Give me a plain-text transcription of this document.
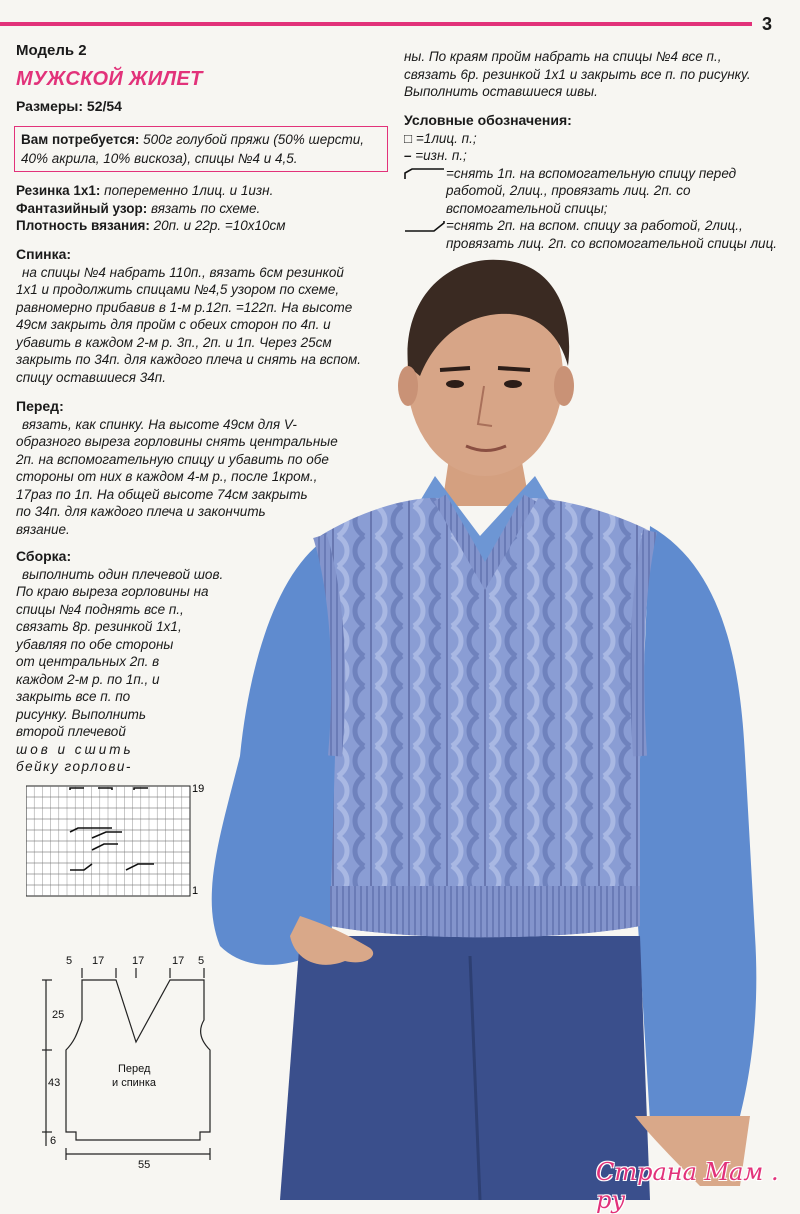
3
Модель 2
МУЖСКОЙ ЖИЛЕТ
Размеры: 52/54
Вам потребуется: 500г голубой пряжи (50% шерсти, 40% акрила, 10% вискоза), спицы №4 и 4,5.

Резинка 1х1: попеременно 1лиц. и 1изн.

Фантазийный узор: вязать по схеме.

Плотность вязания: 20п. и 22р. =10х10см

Спинка:

на спицы №4 набрать 110п., вязать 6см резинкой

1х1 и продолжить спицами №4,5 узором по схеме,

равномерно прибавив в 1-м р.12п. =122п. На высоте

49см закрыть для пройм с обеих сторон по 4п. и

убавить в каждом 2-м р. 3п., 2п. и 1п. Через 25см

закрыть по 34п. для каждого плеча и снять на вспом.

спицу оставшиеся 34п.

Перед:

вязать, как спинку. На высоте 49см для V-

образного выреза горловины снять центральные

2п. на вспомогательную спицу и убавить по обе

стороны от них в каждом 4-м р., после 1кром.,

17раз по 1п. На общей высоте 74см закрыть

по 34п. для каждого плеча и закончить

вязание.

Сборка:

выполнить один плечевой шов.

По краю выреза горловины на

спицы №4 поднять все п.,

связать 8р. резинкой 1х1,

убавляя по обе стороны

от центральных 2п. в

каждом 2-м р. по 1п., и

закрыть все п. по

рисунку. Выполнить

второй плечевой

шов и сшить

бейку горлови-

ны. По краям пройм набрать на спицы №4 все п.,

связать 6р. резинкой 1х1 и закрыть все п. по рисунку.

Выполнить оставшиеся швы.

Условные обозначения:

□ =1лиц. п.;

– =изн. п.;

=снять 1п. на вспомогательную спицу перед работой, 2лиц., провязать лиц. 2п. со вспомогательной спицы;
=снять 2п. на вспом. спицу за работой, 2лиц., провязать лиц. 2п. со вспомогательной спицы лиц.
19
1
5 17	17	17 5
25
43
6
55
Перед
и спинка
Страна Мам . ру
